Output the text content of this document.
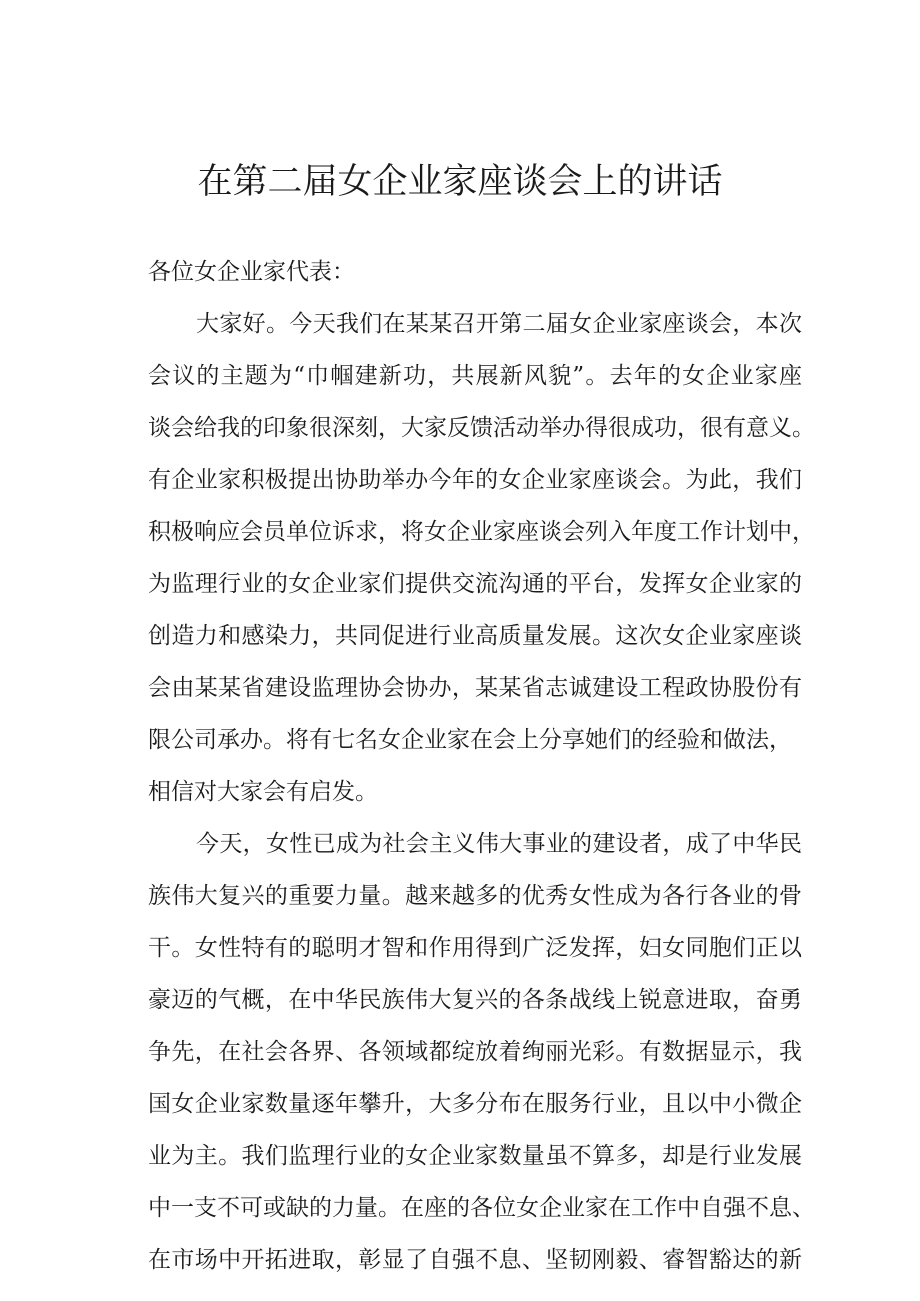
在第二届女企业家座谈会上的讲话
各位女企业家代表：
大家好。今天我们在某某召开第二届女企业家座谈会，本次
会议的主题为“巾帼建新功，共展新风貌”。去年的女企业家座
谈会给我的印象很深刻，大家反馈活动举办得很成功，很有意义。
有企业家积极提出协助举办今年的女企业家座谈会。为此，我们
积极响应会员单位诉求，将女企业家座谈会列入年度工作计划中，
为监理行业的女企业家们提供交流沟通的平台，发挥女企业家的
创造力和感染力，共同促进行业高质量发展。这次女企业家座谈
会由某某省建设监理协会协办，某某省志诚建设工程政协股份有
限公司承办。将有七名女企业家在会上分享她们的经验和做法，
相信对大家会有启发。
今天，女性已成为社会主义伟大事业的建设者，成了中华民
族伟大复兴的重要力量。越来越多的优秀女性成为各行各业的骨
干。女性特有的聪明才智和作用得到广泛发挥，妇女同胞们正以
豪迈的气概，在中华民族伟大复兴的各条战线上锐意进取，奋勇
争先，在社会各界、各领域都绽放着绚丽光彩。有数据显示，我
国女企业家数量逐年攀升，大多分布在服务行业，且以中小微企
业为主。我们监理行业的女企业家数量虽不算多，却是行业发展
中一支不可或缺的力量。在座的各位女企业家在工作中自强不息、
在市场中开拓进取，彰显了自强不息、坚韧刚毅、睿智豁达的新
